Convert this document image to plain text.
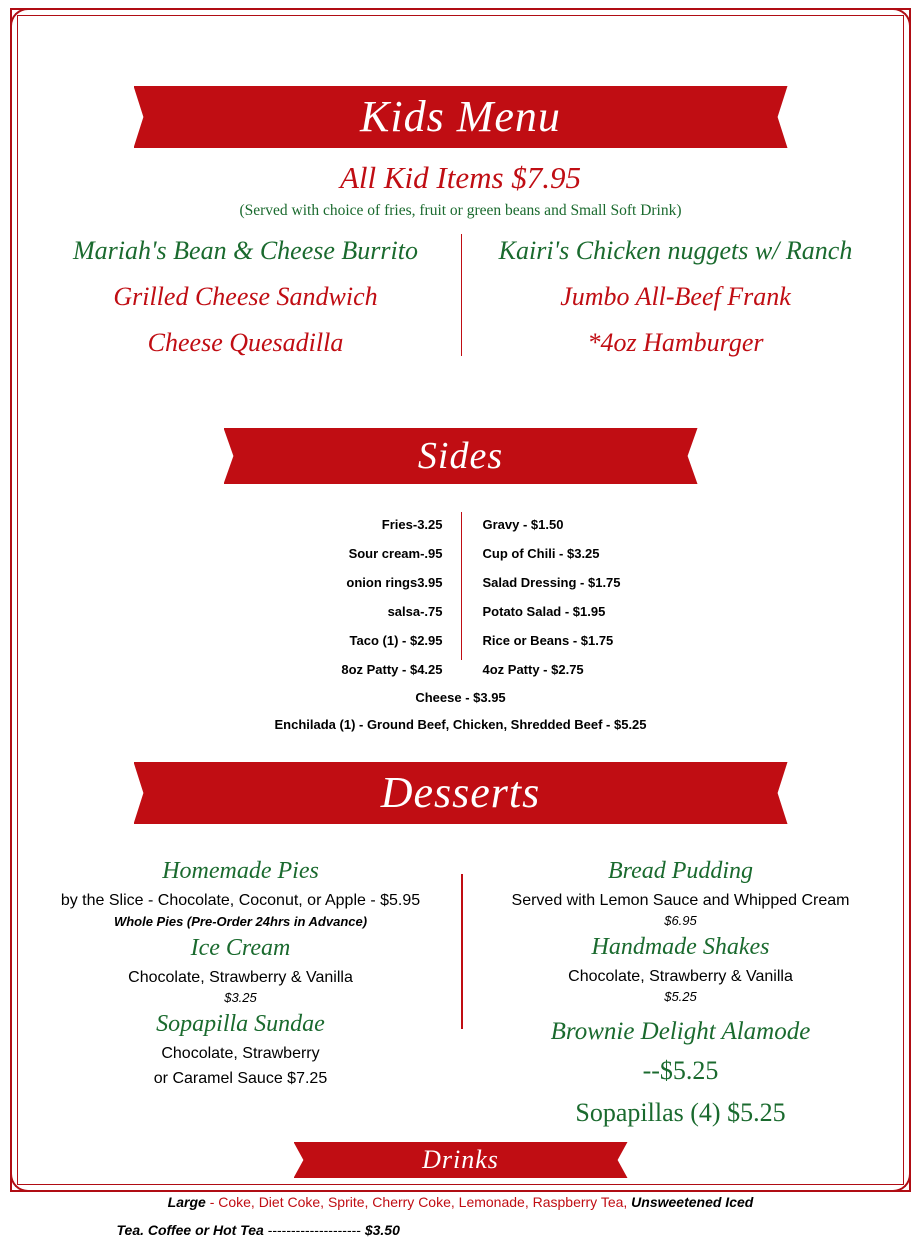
Kids Menu
All Kid Items $7.95
(Served with choice of fries, fruit or green beans and Small Soft Drink)
Mariah's Bean & Cheese Burrito
Grilled Cheese Sandwich
Cheese Quesadilla
Kairi's Chicken nuggets w/ Ranch
Jumbo All-Beef Frank
*4oz Hamburger
Sides
Fries-3.25
Sour cream-.95
onion rings3.95
salsa-.75
Taco (1) - $2.95
8oz Patty - $4.25
Gravy - $1.50
Cup of Chili - $3.25
Salad Dressing - $1.75
Potato Salad - $1.95
Rice or Beans - $1.75
4oz Patty - $2.75
Cheese - $3.95
Enchilada (1) - Ground Beef, Chicken, Shredded Beef - $5.25
Desserts
Homemade Pies
by the Slice - Chocolate, Coconut, or Apple - $5.95
Whole Pies (Pre-Order 24hrs in Advance)
Ice Cream
Chocolate, Strawberry & Vanilla
$3.25
Sopapilla Sundae
Chocolate, Strawberry
or Caramel Sauce $7.25
Bread Pudding
Served with Lemon Sauce and Whipped Cream
$6.95
Handmade Shakes
Chocolate, Strawberry & Vanilla
$5.25
Brownie Delight Alamode
--$5.25
Sopapillas (4) $5.25
Drinks
Large - Coke, Diet Coke, Sprite, Cherry Coke, Lemonade, Raspberry Tea, Unsweetened Iced
Tea. Coffee or Hot Tea -------------------- $3.50
